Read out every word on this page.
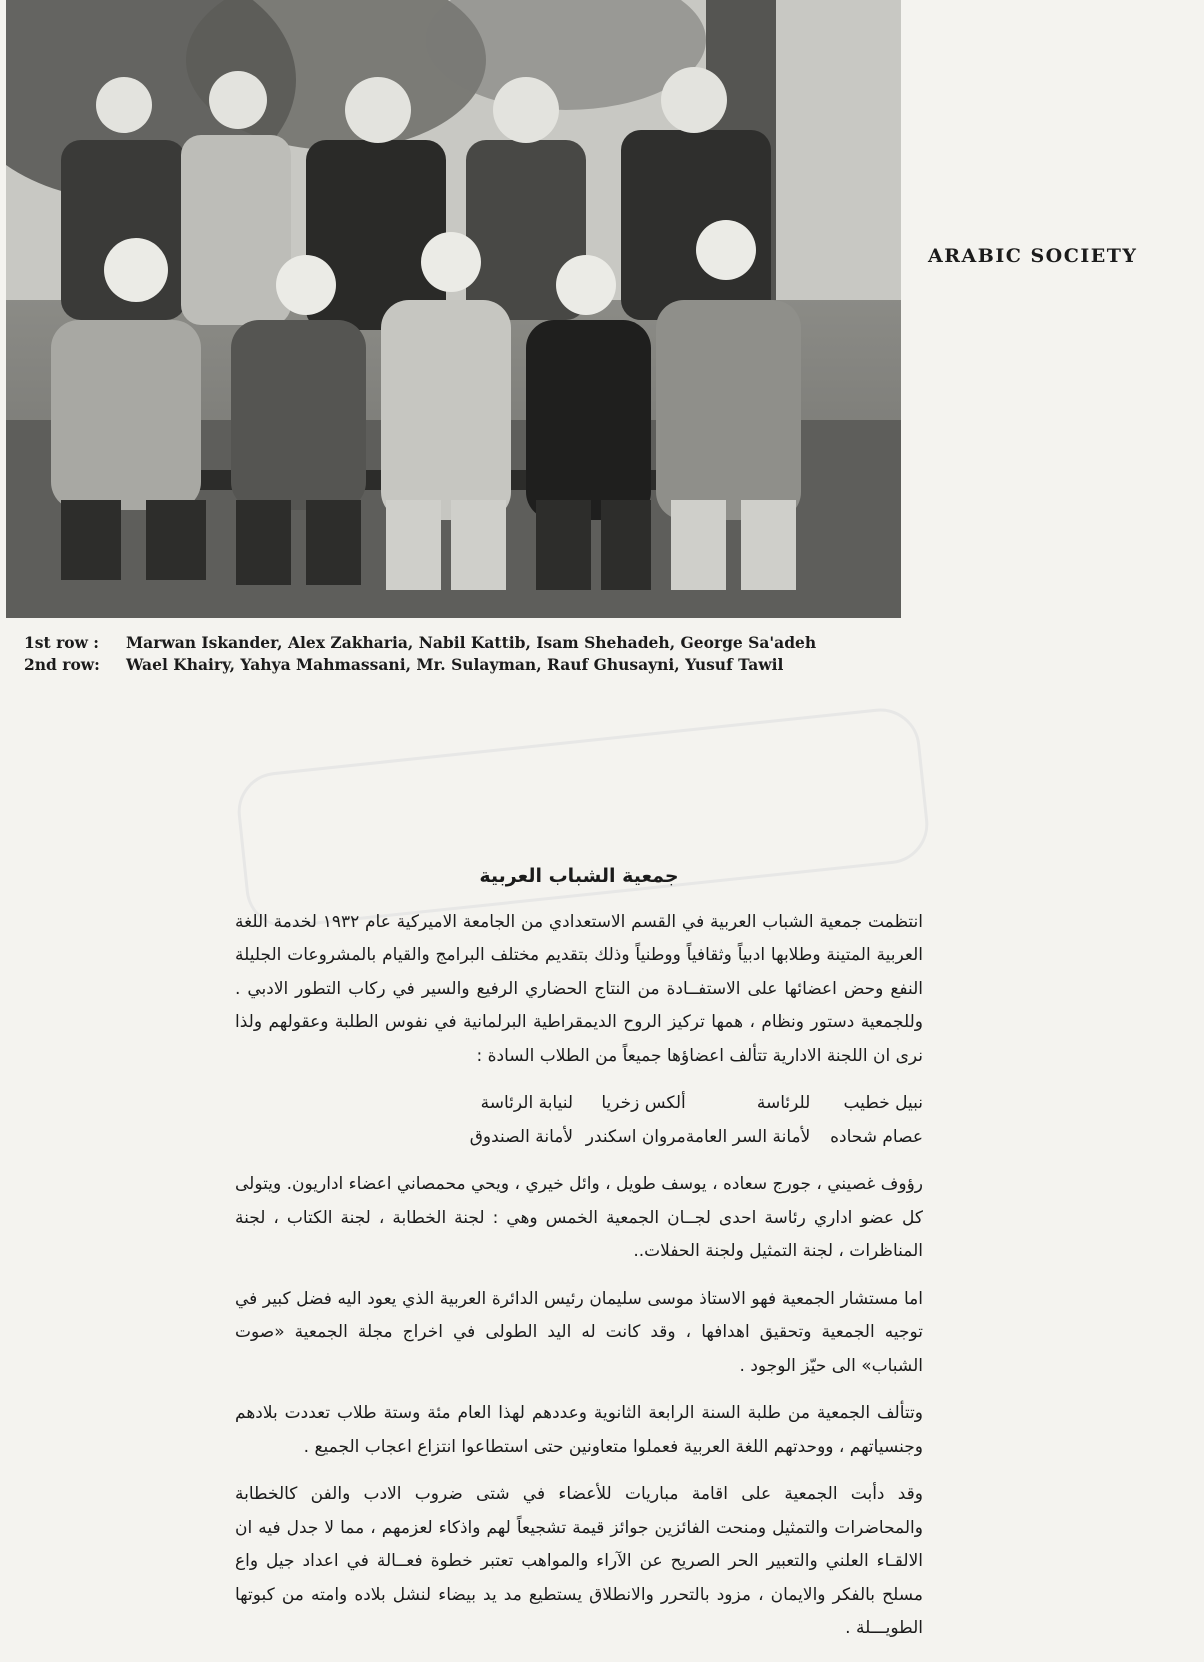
ARABIC SOCIETY
1st row :	Marwan Iskander, Alex Zakharia, Nabil Kattib, Isam Shehadeh, George Sa'adeh
2nd row:	Wael Khairy, Yahya Mahmassani, Mr. Sulayman, Rauf Ghusayni, Yusuf Tawil
جمعية الشباب العربية

انتظمت جمعية الشباب العربية في القسم الاستعدادي من الجامعة الاميركية عام ١٩٣٢ لخدمة اللغة العربية المتينة وطلابها ادبياً وثقافياً ووطنياً وذلك بتقديم مختلف البرامج والقيام بالمشروعات الجليلة النفع وحض اعضائها على الاستفــادة من النتاج الحضاري الرفيع والسير في ركاب التطور الادبي . وللجمعية دستور ونظام ، همها تركيز الروح الديمقراطية البرلمانية في نفوس الطلبة وعقولهم ولذا نرى ان اللجنة الادارية تتألف اعضاؤها جميعاً من الطلاب السادة :

نبيل خطيب
للرئاسة
ألكس زخريا
لنيابة الرئاسة
عصام شحاده
لأمانة السر العامة
مروان اسكندر
لأمانة الصندوق

رؤوف غصيني ، جورج سعاده ، يوسف طويل ، وائل خيري ، ويحي محمصاني اعضاء اداريون. ويتولى كل عضو اداري رئاسة احدى لجــان الجمعية الخمس وهي : لجنة الخطابة ، لجنة الكتاب ، لجنة المناظرات ، لجنة التمثيل ولجنة الحفلات..

اما مستشار الجمعية فهو الاستاذ موسى سليمان رئيس الدائرة العربية الذي يعود اليه فضل كبير في توجيه الجمعية وتحقيق اهدافها ، وقد كانت له اليد الطولى في اخراج مجلة الجمعية «صوت الشباب» الى حيّز الوجود .

وتتألف الجمعية من طلبة السنة الرابعة الثانوية وعددهم لهذا العام مئة وستة طلاب تعددت بلادهم وجنسياتهم ، ووحدتهم اللغة العربية فعملوا متعاونين حتى استطاعوا انتزاع اعجاب الجميع .

وقد دأبت الجمعية على اقامة مباريات للأعضاء في شتى ضروب الادب والفن كالخطابة والمحاضرات والتمثيل ومنحت الفائزين جوائز قيمة تشجيعاً لهم واذكاء لعزمهم ، مما لا جدل فيه ان الالقـاء العلني والتعبير الحر الصريح عن الآراء والمواهب تعتبر خطوة فعــالة في اعداد جيل واع مسلح بالفكر والايمان ، مزود بالتحرر والانطلاق يستطيع مد يد بيضاء لنشل بلاده وامته من كبوتها الطويـــلة .
